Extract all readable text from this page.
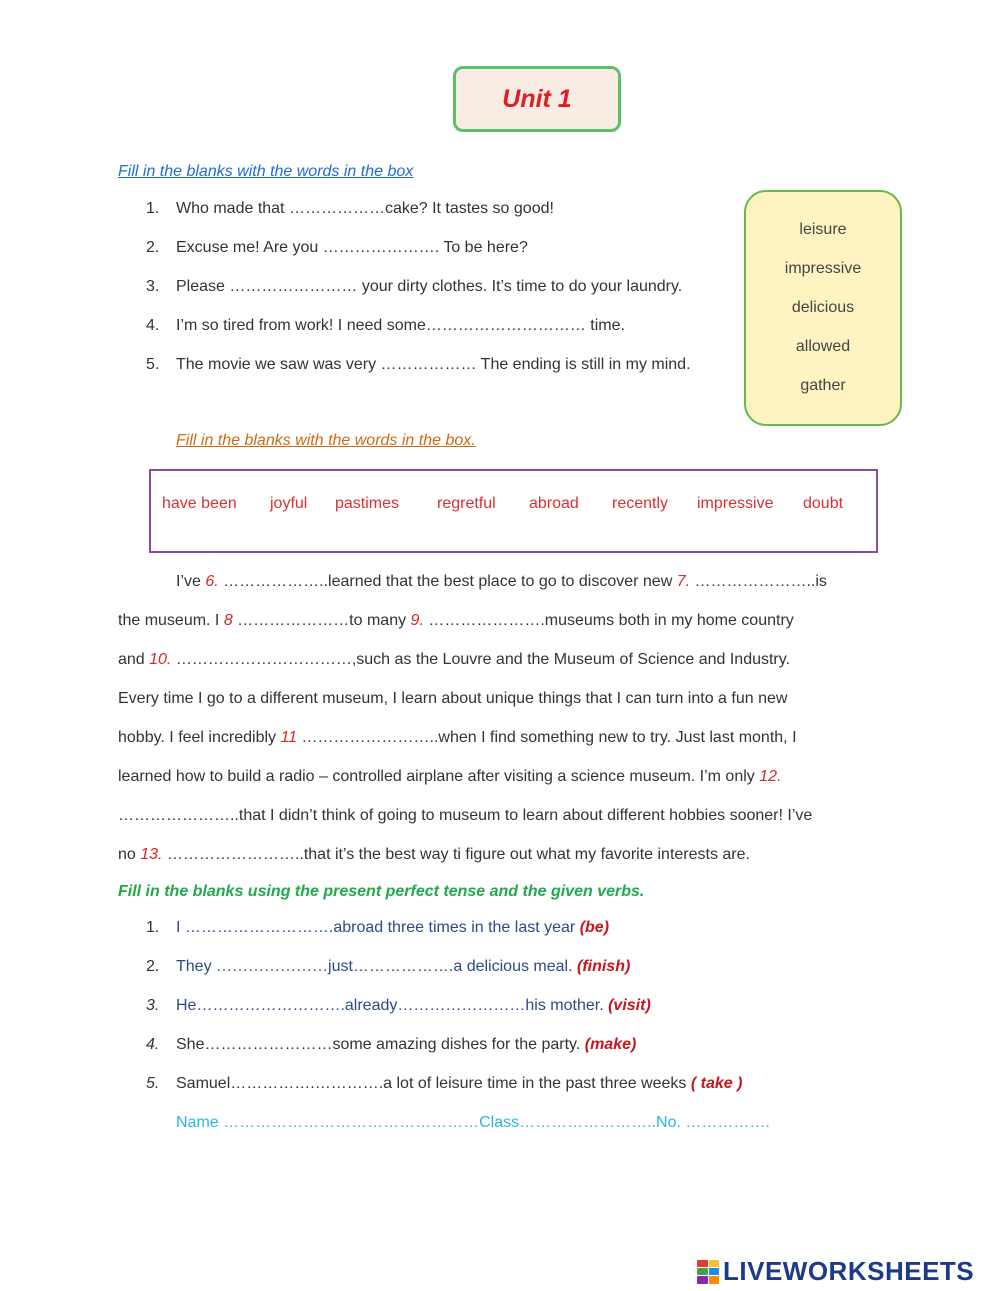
Unit 1
Fill in the blanks with the words in the box
1.	Who made that ………………cake? It tastes so good!
2.	Excuse me! Are you …………………. To be here?
3.	Please …………………… your dirty clothes. It’s time to do your laundry.
4.	I’m so tired from work! I need some………………………… time.
5.	The movie we saw was very ……………… The ending is still in my mind.
leisure
impressive
delicious
allowed
gather
Fill in the blanks with the words in the box.
have been joyful pastimes regretful abroad recently impressive doubt
I’ve 6. ………………..learned that the best place to go to discover new 7. …………………..is
the museum. I 8 …………………to many 9. ………………….museums both in my home country
and 10. ……………………………,such as the Louvre and the Museum of Science and Industry.
Every time I go to a different museum, I learn about unique things that I can turn into a fun new
hobby. I feel incredibly 11 ……………………..when I find something new to try. Just last month, I
learned how to build a radio – controlled airplane after visiting a science museum. I’m only 12.
…………………..that I didn’t think of going to museum to learn about different hobbies sooner! I’ve
no 13. ……………………..that it’s the best way ti figure out what my favorite interests are.
Fill in the blanks using the present perfect tense and the given verbs.
1.	I ……………………….abroad three times in the last year
(be)
2.	They …………………just……………….a delicious meal.
(finish)
3.	He……………………….already……………………his mother.
(visit)
4.	She……………………some amazing dishes for the party.
(make)
5.	Samuel…………….………….a lot of leisure time in the past three weeks
( take )
Name …………………………………………Class……………………..No. …………….
LIVEWORKSHEETS
